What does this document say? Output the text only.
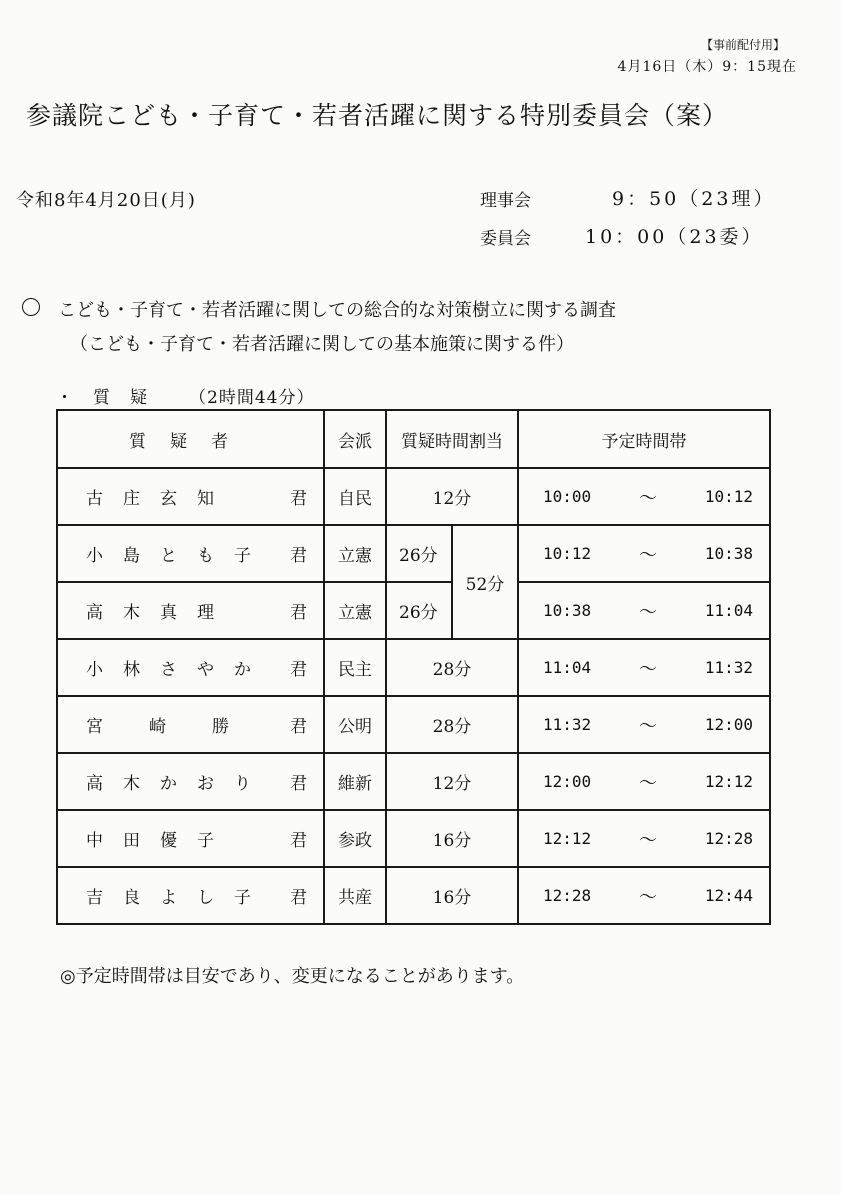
【事前配付用】
4月16日（木）9：15現在
参議院こども・子育て・若者活躍に関する特別委員会（案）
令和8年4月20日(月)	理事会	9：50（23理）
委員会	10：00（23委）
こども・子育て・若者活躍に関しての総合的な対策樹立に関する調査
（こども・子育て・若者活躍に関しての基本施策に関する件）
・質疑 （2時間44分）
質疑者	会派	質疑時間割当		予定時間帯

古庄玄知 君	自民	12分		10:00 ～ 10:12

小島とも子 君	立憲	26分	52分	10:12 ～ 10:38

高木真理 君	立憲	26分		10:38 ～ 11:04

小林さやか 君	民主	28分		11:04 ～ 11:32

宮崎勝 君	公明	28分		11:32 ～ 12:00

高木かおり 君	維新	12分		12:00 ～ 12:12

中田優子 君	参政	16分		12:12 ～ 12:28

吉良よし子 君	共産	16分		12:28 ～ 12:44
◎予定時間帯は目安であり、変更になることがあります。
